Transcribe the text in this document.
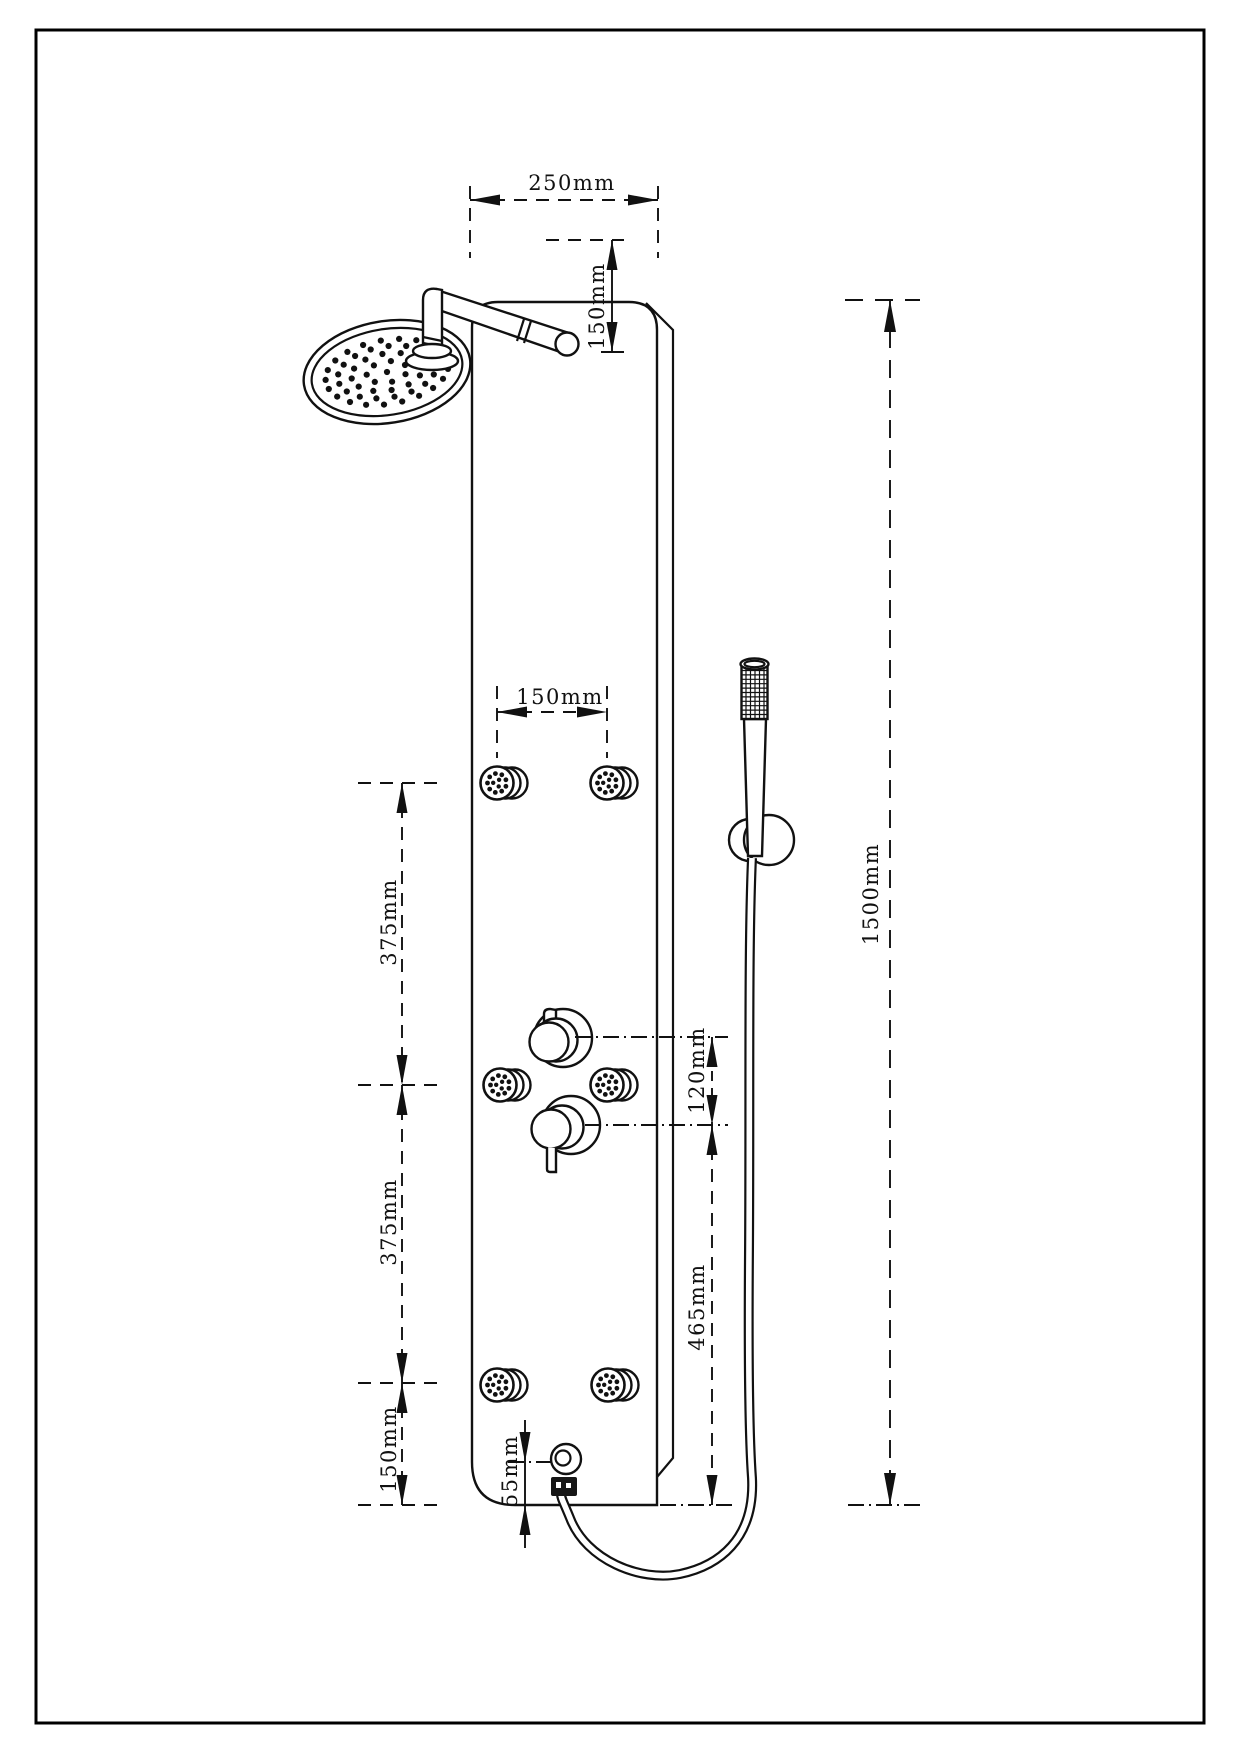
250mm
150mm
150mm
375mm
375mm
150mm	55mm
120mm
465mm
1500mm
